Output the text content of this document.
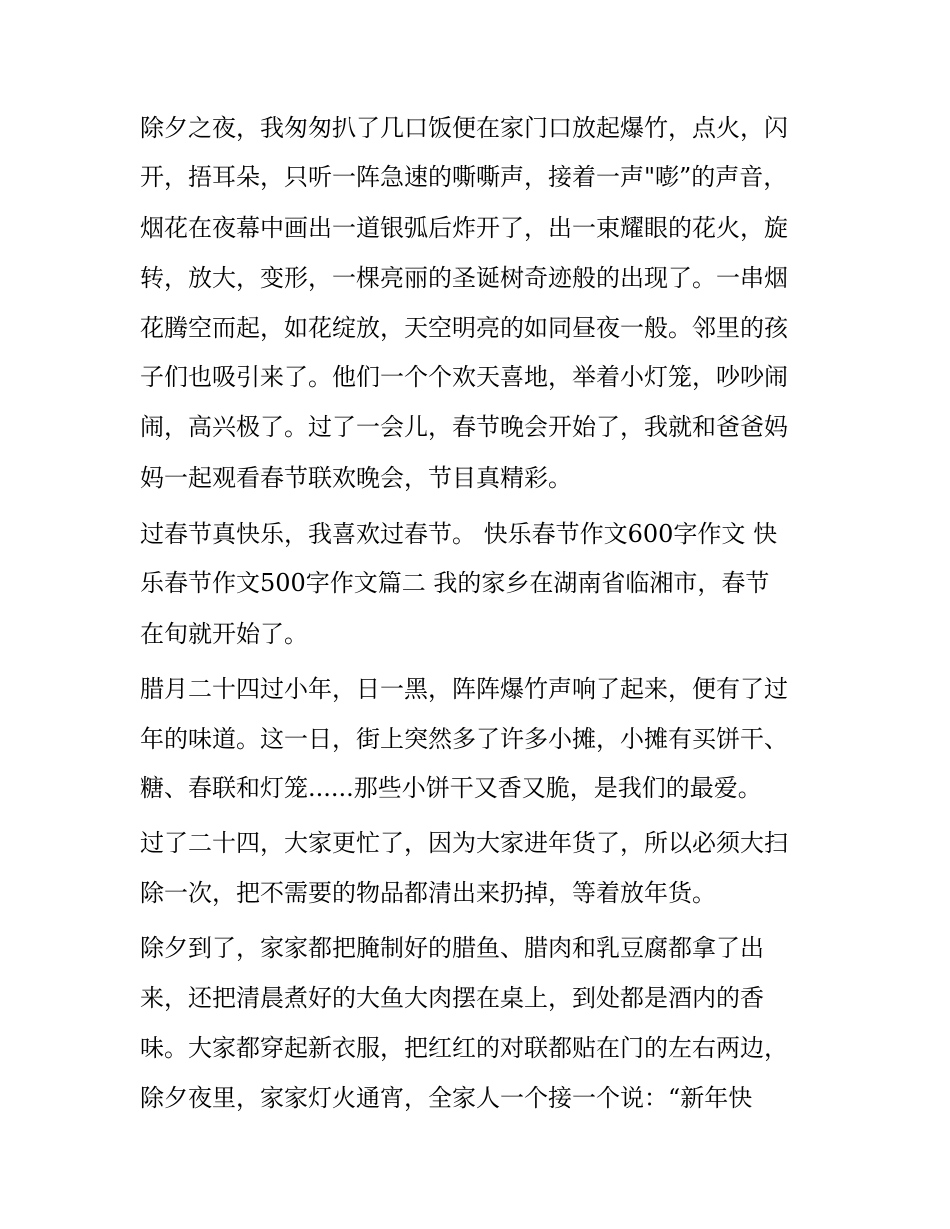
除夕之夜，我匆匆扒了几口饭便在家门口放起爆竹，点火，闪
开，捂耳朵，只听一阵急速的嘶嘶声，接着一声"嘭”的声音，
烟花在夜幕中画出一道银弧后炸开了，出一束耀眼的花火，旋
转，放大，变形，一棵亮丽的圣诞树奇迹般的出现了。一串烟
花腾空而起，如花绽放，天空明亮的如同昼夜一般。邻里的孩
子们也吸引来了。他们一个个欢天喜地，举着小灯笼，吵吵闹
闹，高兴极了。过了一会儿，春节晚会开始了，我就和爸爸妈
妈一起观看春节联欢晚会，节目真精彩。
过春节真快乐，我喜欢过春节。 快乐春节作文600字作文 快
乐春节作文500字作文篇二 我的家乡在湖南省临湘市，春节
在旬就开始了。
腊月二十四过小年，日一黑，阵阵爆竹声响了起来，便有了过
年的味道。这一日，街上突然多了许多小摊，小摊有买饼干、
糖、春联和灯笼......那些小饼干又香又脆，是我们的最爱。
过了二十四，大家更忙了，因为大家进年货了，所以必须大扫
除一次，把不需要的物品都清出来扔掉，等着放年货。
除夕到了，家家都把腌制好的腊鱼、腊肉和乳豆腐都拿了出
来，还把清晨煮好的大鱼大肉摆在桌上，到处都是酒内的香
味。大家都穿起新衣服，把红红的对联都贴在门的左右两边，
除夕夜里，家家灯火通宵，全家人一个接一个说：“新年快
